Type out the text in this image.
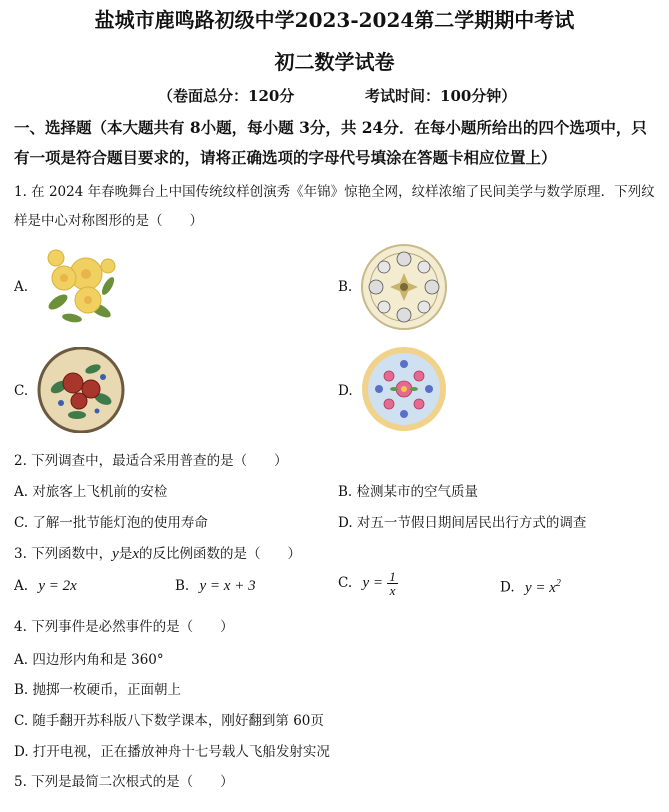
盐城市鹿鸣路初级中学2023-2024第二学期期中考试
初二数学试卷
（卷面总分：120分	考试时间：100分钟）
一、选择题（本大题共有 8小题，每小题 3分，共 24分．在每小题所给出的四个选项中，只
有一项是符合题目要求的，请将正确选项的字母代号填涂在答题卡相应位置上）
1. 在 2024 年春晚舞台上中国传统纹样创演秀《年锦》惊艳全网，纹样浓缩了民间美学与数学原理．下列纹
样是中心对称图形的是（　　）
A.	B.
C.	D.
2. 下列调查中，最适合采用普查的是（　　）
A. 对旅客上飞机前的安检	B. 检测某市的空气质量
C. 了解一批节能灯泡的使用寿命	D. 对五一节假日期间居民出行方式的调查
3. 下列函数中，y是x的反比例函数的是（　　）
A. y = 2x	B. y = x + 3	C. $y = \frac{1}{x}$	D. $y = x^2$
4. 下列事件是必然事件的是（　　）
A. 四边形内角和是 360°
B. 抛掷一枚硬币，正面朝上
C. 随手翻开苏科版八下数学课本，刚好翻到第 60页
D. 打开电视，正在播放神舟十七号载人飞船发射实况
5. 下列是最简二次根式的是（　　）
